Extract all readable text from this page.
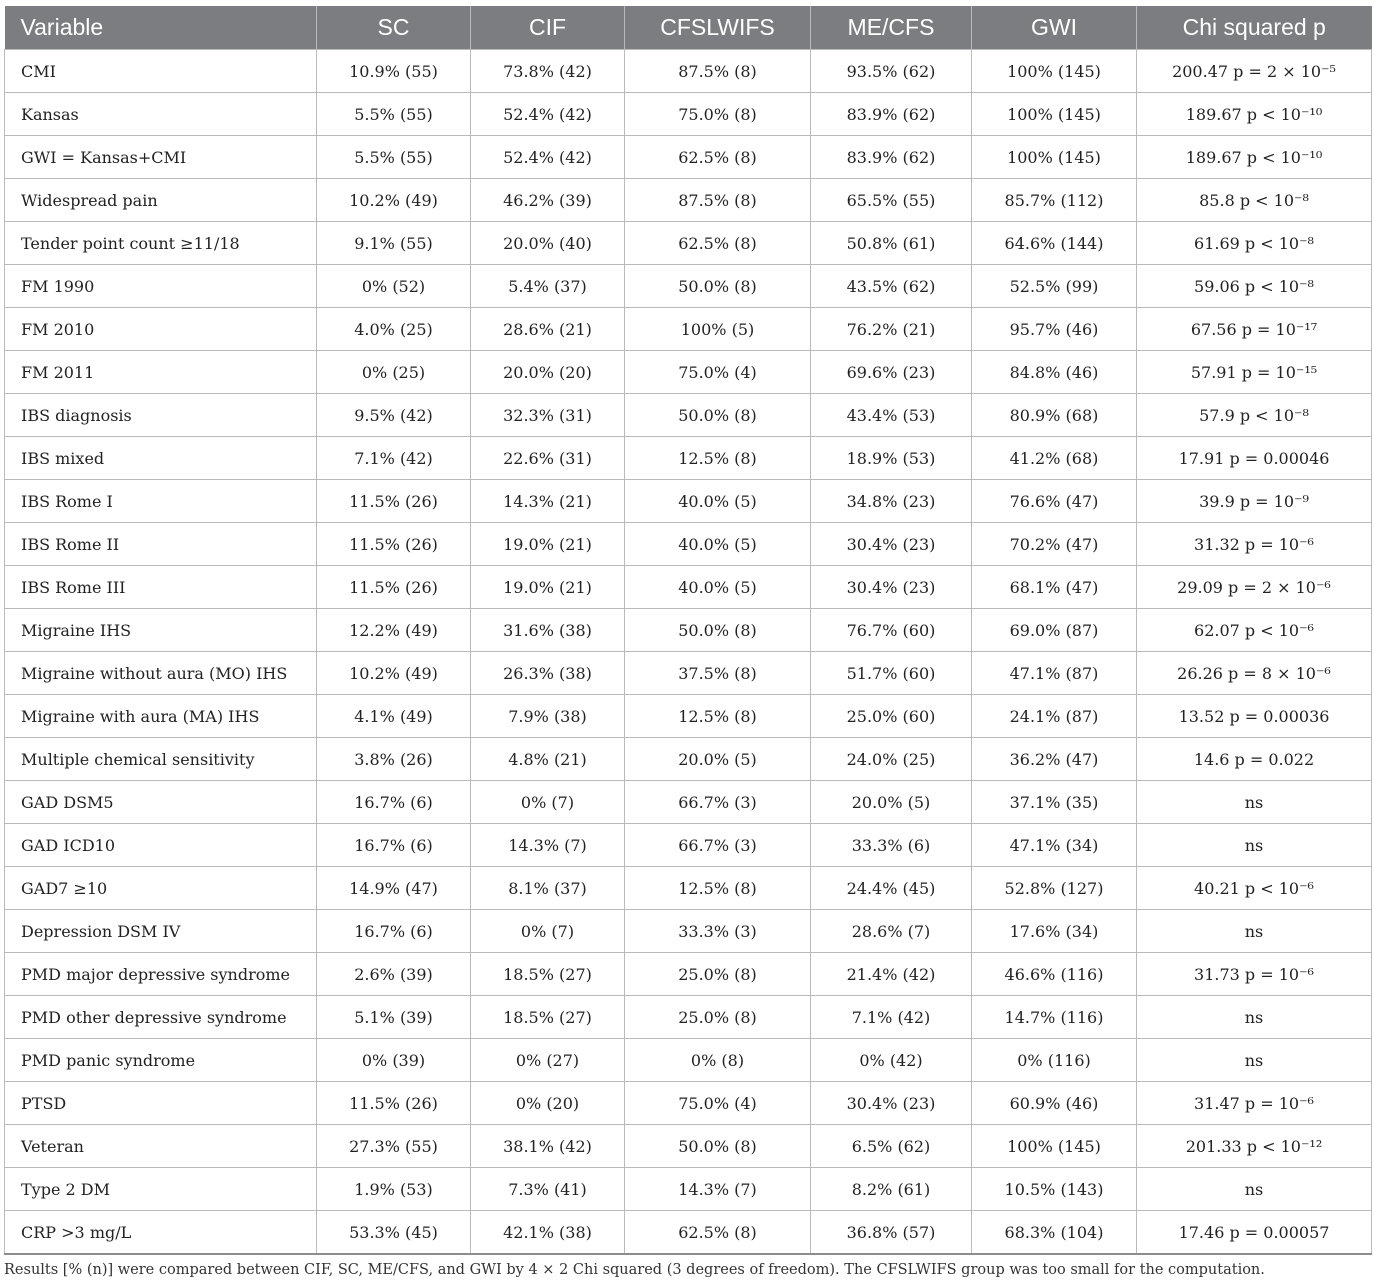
Variable	SC	CIF	CFSLWIFS	ME/CFS	GWI	Chi squared p
CMI	10.9% (55)	73.8% (42)	87.5% (8)	93.5% (62)	100% (145)	200.47 p = 2 × 10⁻⁵
Kansas	5.5% (55)	52.4% (42)	75.0% (8)	83.9% (62)	100% (145)	189.67 p < 10⁻¹⁰
GWI = Kansas+CMI	5.5% (55)	52.4% (42)	62.5% (8)	83.9% (62)	100% (145)	189.67 p < 10⁻¹⁰
Widespread pain	10.2% (49)	46.2% (39)	87.5% (8)	65.5% (55)	85.7% (112)	85.8 p < 10⁻⁸
Tender point count ≥11/18	9.1% (55)	20.0% (40)	62.5% (8)	50.8% (61)	64.6% (144)	61.69 p < 10⁻⁸
FM 1990	0% (52)	5.4% (37)	50.0% (8)	43.5% (62)	52.5% (99)	59.06 p < 10⁻⁸
FM 2010	4.0% (25)	28.6% (21)	100% (5)	76.2% (21)	95.7% (46)	67.56 p = 10⁻¹⁷
FM 2011	0% (25)	20.0% (20)	75.0% (4)	69.6% (23)	84.8% (46)	57.91 p = 10⁻¹⁵
IBS diagnosis	9.5% (42)	32.3% (31)	50.0% (8)	43.4% (53)	80.9% (68)	57.9 p < 10⁻⁸
IBS mixed	7.1% (42)	22.6% (31)	12.5% (8)	18.9% (53)	41.2% (68)	17.91 p = 0.00046
IBS Rome I	11.5% (26)	14.3% (21)	40.0% (5)	34.8% (23)	76.6% (47)	39.9 p = 10⁻⁹
IBS Rome II	11.5% (26)	19.0% (21)	40.0% (5)	30.4% (23)	70.2% (47)	31.32 p = 10⁻⁶
IBS Rome III	11.5% (26)	19.0% (21)	40.0% (5)	30.4% (23)	68.1% (47)	29.09 p = 2 × 10⁻⁶
Migraine IHS	12.2% (49)	31.6% (38)	50.0% (8)	76.7% (60)	69.0% (87)	62.07 p < 10⁻⁶
Migraine without aura (MO) IHS	10.2% (49)	26.3% (38)	37.5% (8)	51.7% (60)	47.1% (87)	26.26 p = 8 × 10⁻⁶
Migraine with aura (MA) IHS	4.1% (49)	7.9% (38)	12.5% (8)	25.0% (60)	24.1% (87)	13.52 p = 0.00036
Multiple chemical sensitivity	3.8% (26)	4.8% (21)	20.0% (5)	24.0% (25)	36.2% (47)	14.6 p = 0.022
GAD DSM5	16.7% (6)	0% (7)	66.7% (3)	20.0% (5)	37.1% (35)	ns
GAD ICD10	16.7% (6)	14.3% (7)	66.7% (3)	33.3% (6)	47.1% (34)	ns
GAD7 ≥10	14.9% (47)	8.1% (37)	12.5% (8)	24.4% (45)	52.8% (127)	40.21 p < 10⁻⁶
Depression DSM IV	16.7% (6)	0% (7)	33.3% (3)	28.6% (7)	17.6% (34)	ns
PMD major depressive syndrome	2.6% (39)	18.5% (27)	25.0% (8)	21.4% (42)	46.6% (116)	31.73 p = 10⁻⁶
PMD other depressive syndrome	5.1% (39)	18.5% (27)	25.0% (8)	7.1% (42)	14.7% (116)	ns
PMD panic syndrome	0% (39)	0% (27)	0% (8)	0% (42)	0% (116)	ns
PTSD	11.5% (26)	0% (20)	75.0% (4)	30.4% (23)	60.9% (46)	31.47 p = 10⁻⁶
Veteran	27.3% (55)	38.1% (42)	50.0% (8)	6.5% (62)	100% (145)	201.33 p < 10⁻¹²
Type 2 DM	1.9% (53)	7.3% (41)	14.3% (7)	8.2% (61)	10.5% (143)	ns
CRP >3 mg/L	53.3% (45)	42.1% (38)	62.5% (8)	36.8% (57)	68.3% (104)	17.46 p = 0.00057
Results [% (n)] were compared between CIF, SC, ME/CFS, and GWI by 4 × 2 Chi squared (3 degrees of freedom). The CFSLWIFS group was too small for the computation.
